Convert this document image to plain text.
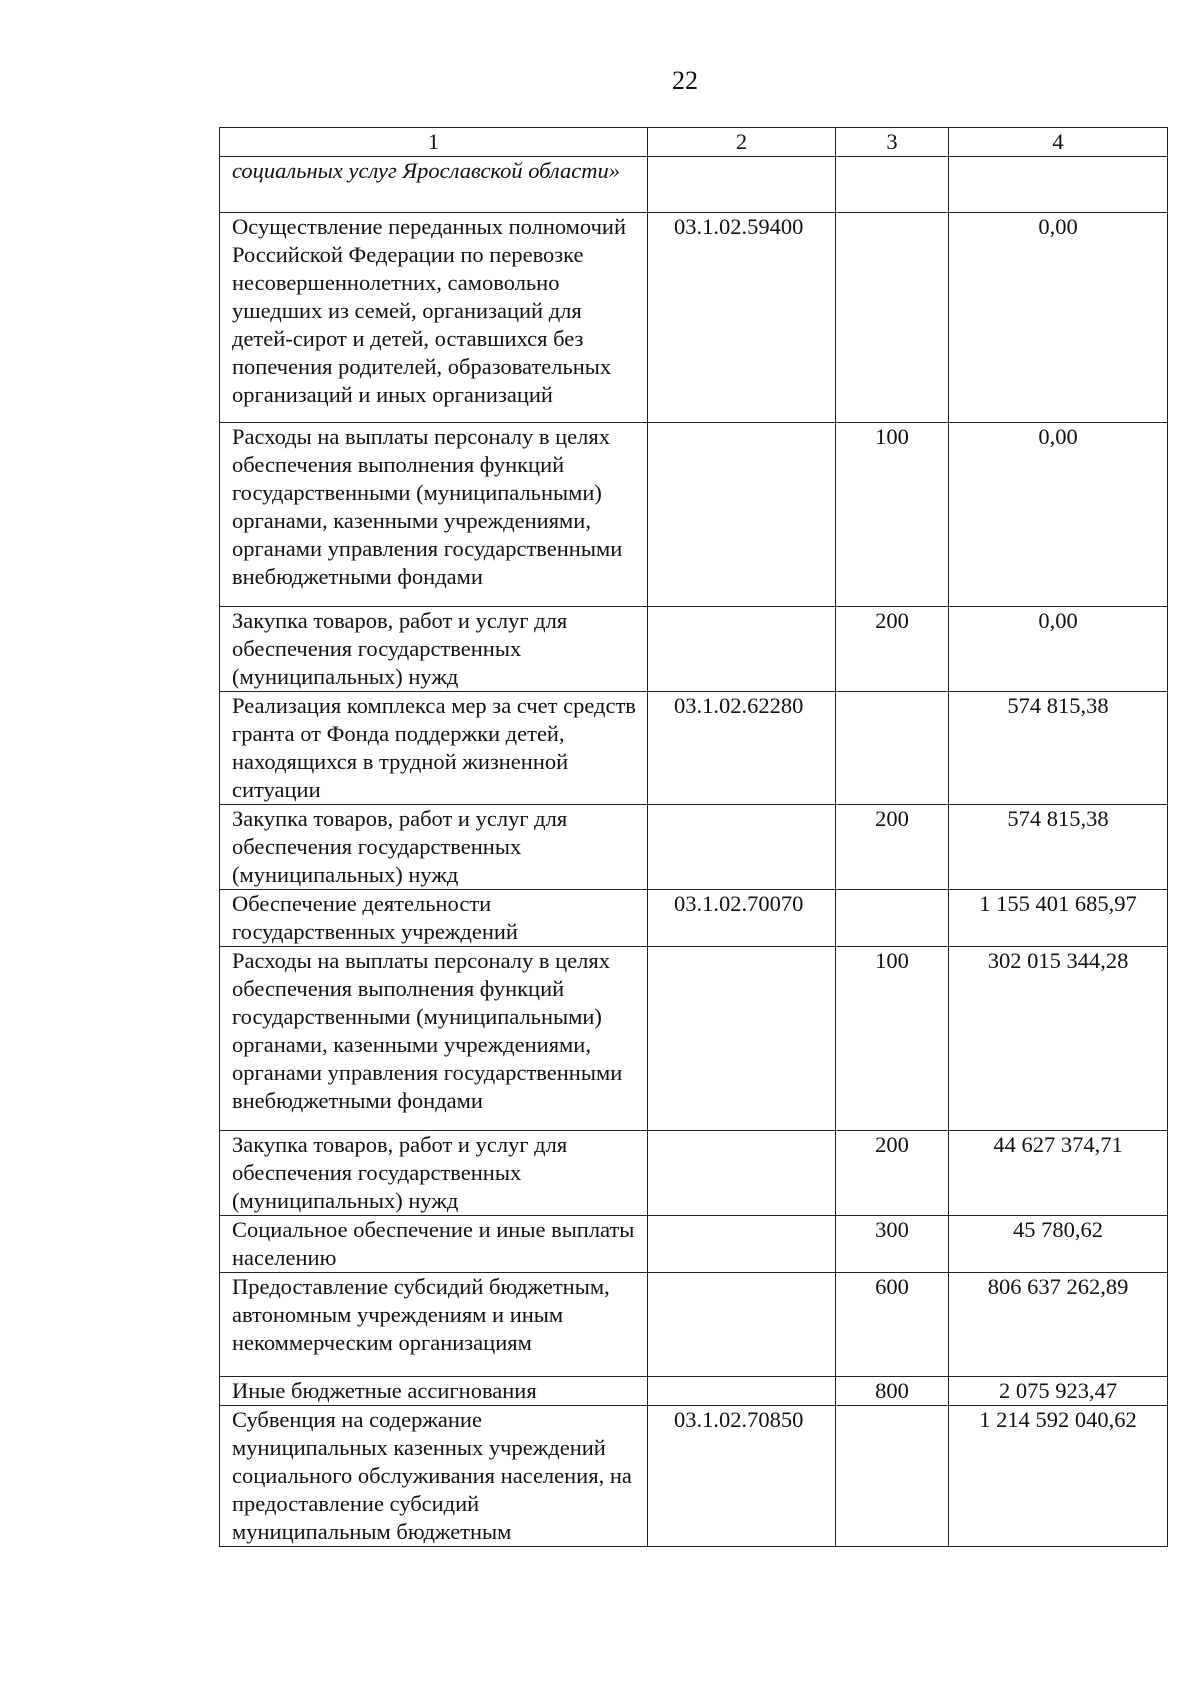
22
1	2	3	4
социальных услуг Ярославской области»			
Осуществление переданных полномочий Российской Федерации по перевозке несовершеннолетних, самовольно ушедших из семей, организаций для детей-сирот и детей, оставшихся без попечения родителей, образовательных организаций и иных организаций	03.1.02.59400		0,00
Расходы на выплаты персоналу в целях обеспечения выполнения функций государственными (муниципальными) органами, казенными учреждениями, органами управления государственными внебюджетными фондами		100	0,00
Закупка товаров, работ и услуг для обеспечения государственных (муниципальных) нужд		200	0,00
Реализация комплекса мер за счет средств гранта от Фонда поддержки детей, находящихся в трудной жизненной ситуации	03.1.02.62280		574 815,38
Закупка товаров, работ и услуг для обеспечения государственных (муниципальных) нужд		200	574 815,38
Обеспечение деятельности государственных учреждений	03.1.02.70070		1 155 401 685,97
Расходы на выплаты персоналу в целях обеспечения выполнения функций государственными (муниципальными) органами, казенными учреждениями, органами управления государственными внебюджетными фондами		100	302 015 344,28
Закупка товаров, работ и услуг для обеспечения государственных (муниципальных) нужд		200	44 627 374,71
Социальное обеспечение и иные выплаты населению		300	45 780,62
Предоставление субсидий бюджетным, автономным учреждениям и иным некоммерческим организациям		600	806 637 262,89
Иные бюджетные ассигнования		800	2 075 923,47
Субвенция на содержание муниципальных казенных учреждений социального обслуживания населения, на предоставление субсидий муниципальным бюджетным	03.1.02.70850		1 214 592 040,62
